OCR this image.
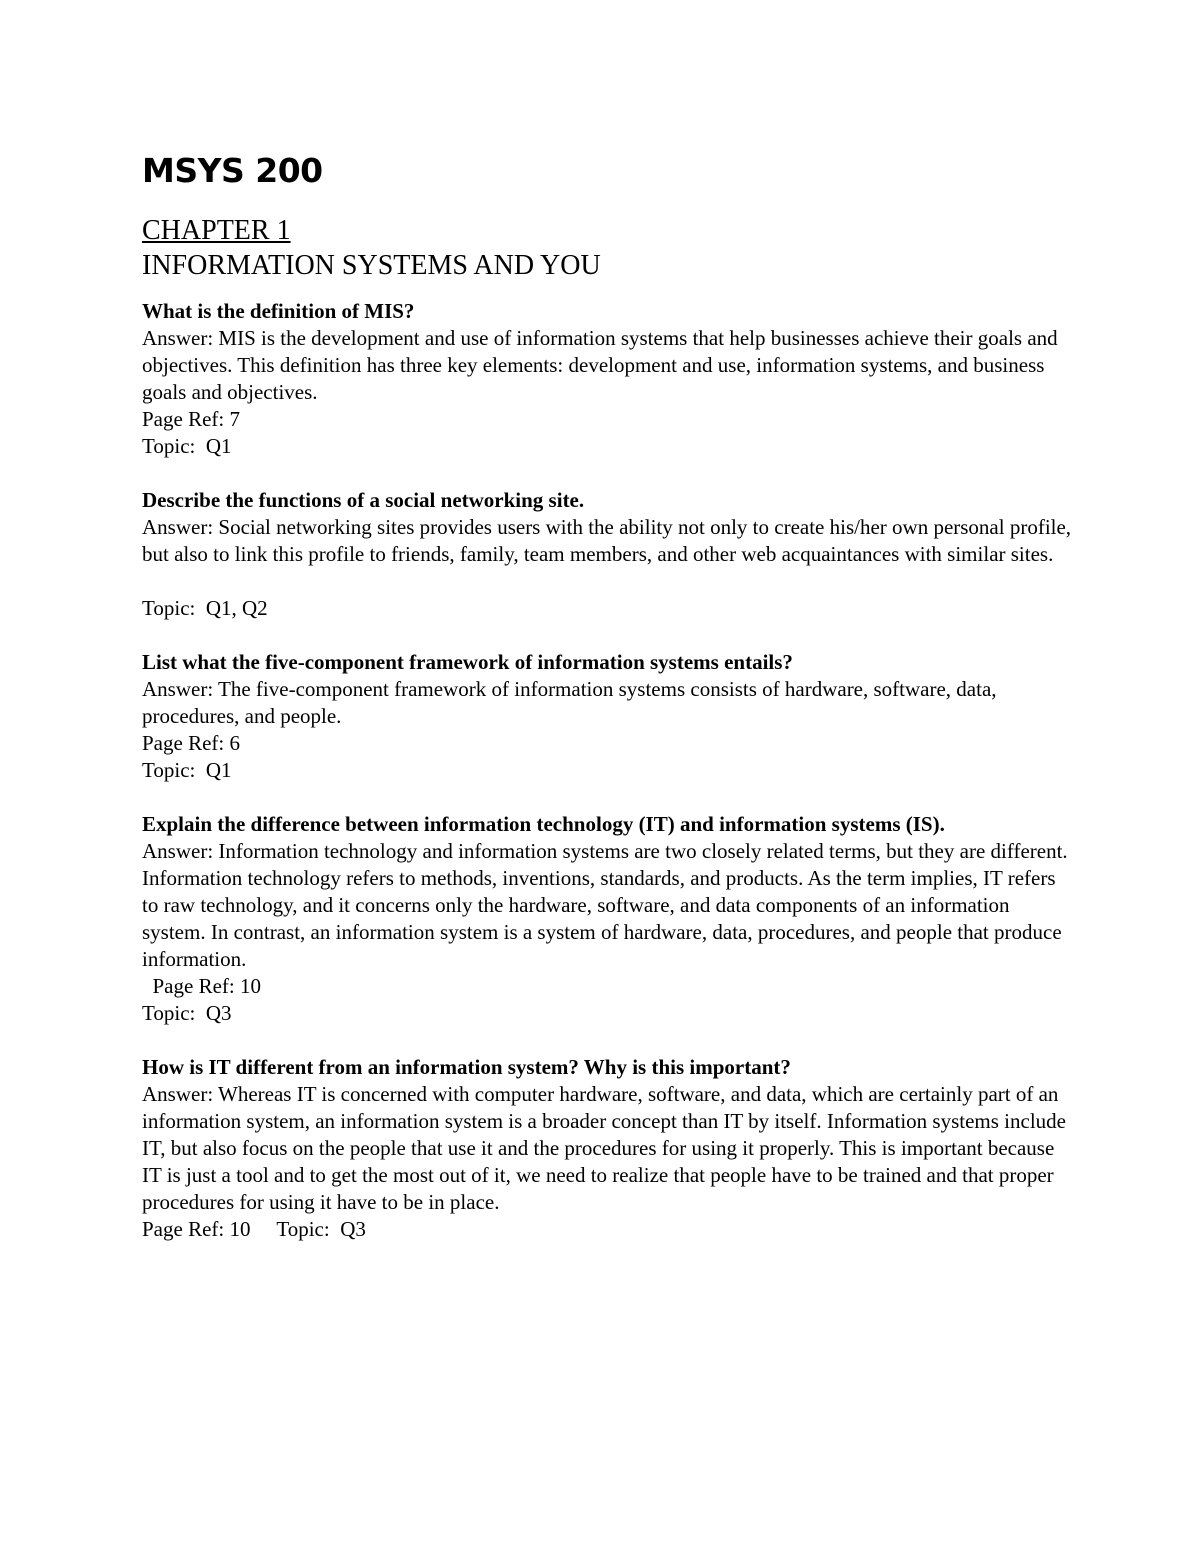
MSYS 200
CHAPTER 1
INFORMATION SYSTEMS AND YOU
What is the definition of MIS?
Answer: MIS is the development and use of information systems that help businesses achieve their goals and objectives. This definition has three key elements: development and use, information systems, and business goals and objectives.
Page Ref: 7
Topic:  Q1
Describe the functions of a social networking site.
Answer: Social networking sites provides users with the ability not only to create his/her own personal profile, but also to link this profile to friends, family, team members, and other web acquaintances with similar sites.
Topic:  Q1, Q2
List what the five-component framework of information systems entails?
Answer: The five-component framework of information systems consists of hardware, software, data, procedures, and people.
Page Ref: 6
Topic:  Q1
Explain the difference between information technology (IT) and information systems (IS).
Answer: Information technology and information systems are two closely related terms, but they are different. Information technology refers to methods, inventions, standards, and products. As the term implies, IT refers to raw technology, and it concerns only the hardware, software, and data components of an information system. In contrast, an information system is a system of hardware, data, procedures, and people that produce information.
Page Ref: 10
Topic:  Q3
How is IT different from an information system? Why is this important?
Answer: Whereas IT is concerned with computer hardware, software, and data, which are certainly part of an information system, an information system is a broader concept than IT by itself. Information systems include IT, but also focus on the people that use it and the procedures for using it properly. This is important because IT is just a tool and to get the most out of it, we need to realize that people have to be trained and that proper procedures for using it have to be in place.
Page Ref: 10     Topic:  Q3
